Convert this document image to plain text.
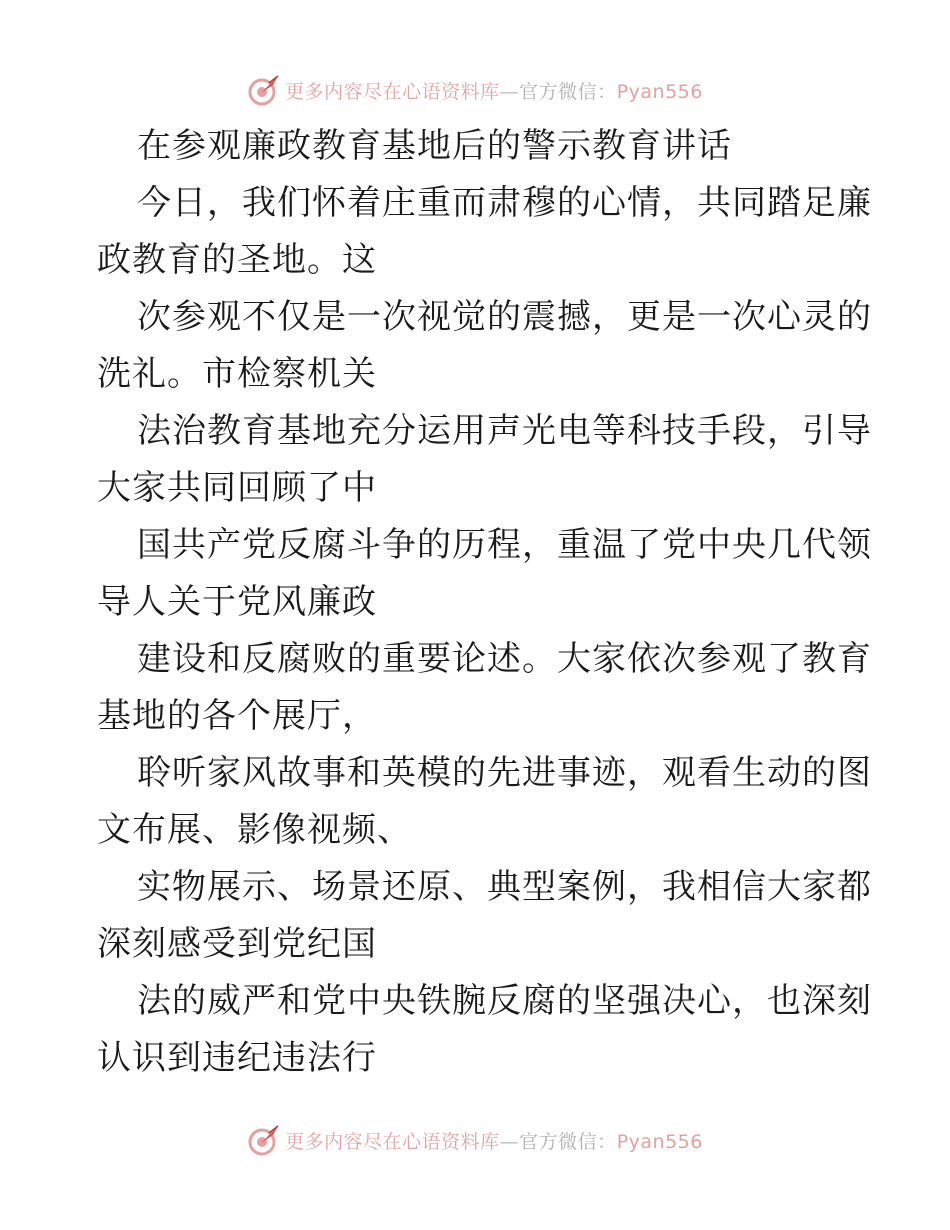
更多内容尽在心语资料库—官方微信：Pyan556
在参观廉政教育基地后的警示教育讲话
今日，我们怀着庄重而肃穆的心情，共同踏足廉
政教育的圣地。这
次参观不仅是一次视觉的震撼，更是一次心灵的
洗礼。市检察机关
法治教育基地充分运用声光电等科技手段，引导
大家共同回顾了中
国共产党反腐斗争的历程，重温了党中央几代领
导人关于党风廉政
建设和反腐败的重要论述。大家依次参观了教育
基地的各个展厅，
聆听家风故事和英模的先进事迹，观看生动的图
文布展、影像视频、
实物展示、场景还原、典型案例，我相信大家都
深刻感受到党纪国
法的威严和党中央铁腕反腐的坚强决心，也深刻
认识到违纪违法行
更多内容尽在心语资料库—官方微信：Pyan556
